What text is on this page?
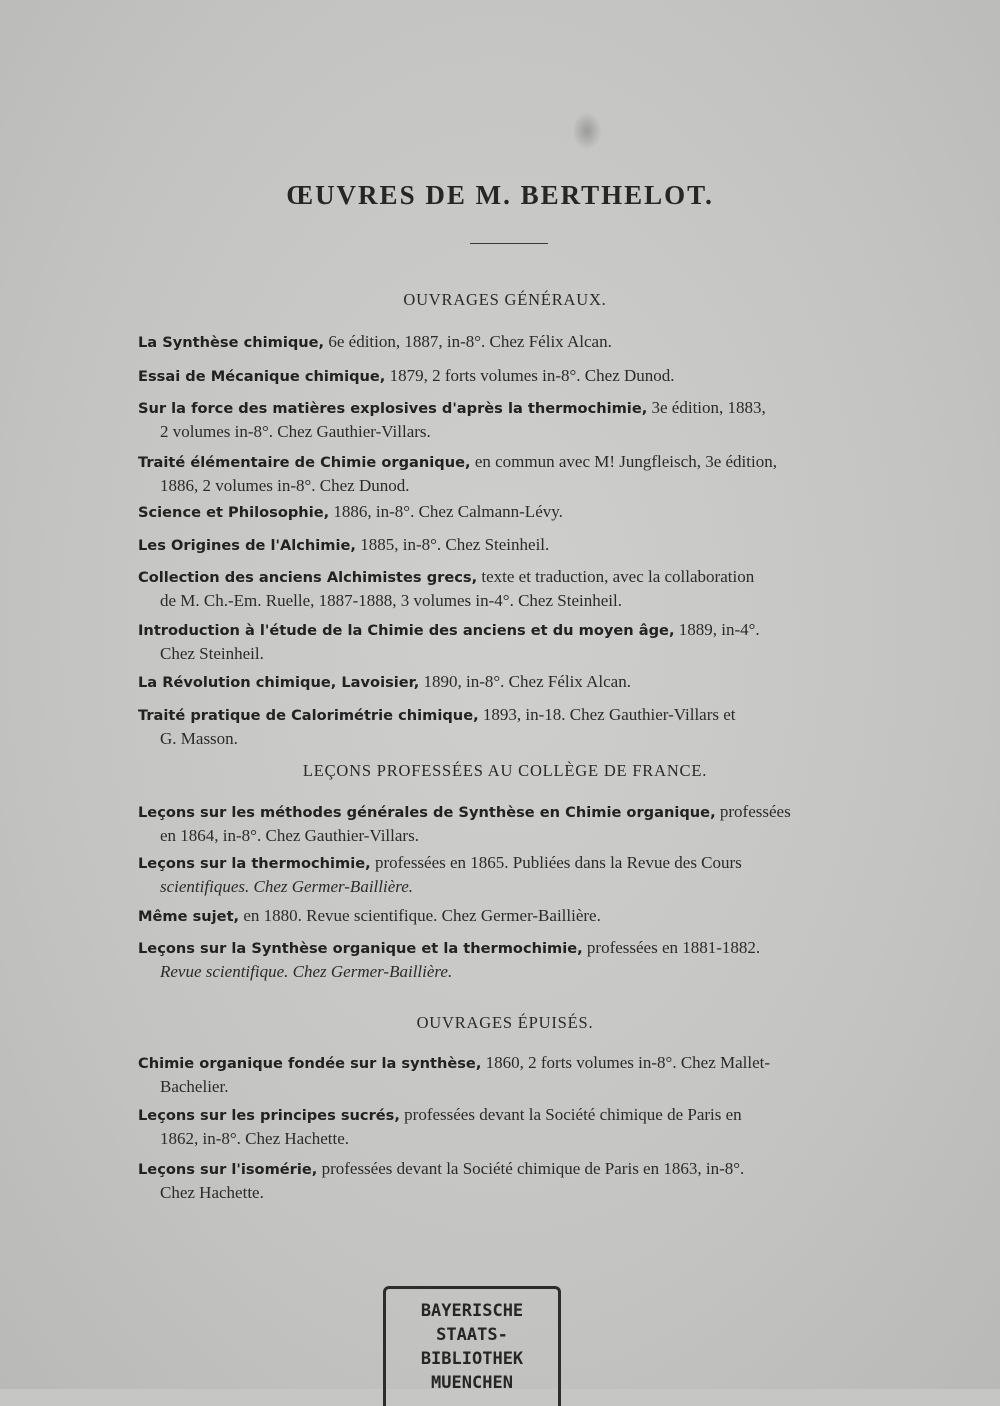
ŒUVRES DE M. BERTHELOT.
OUVRAGES GÉNÉRAUX.
La Synthèse chimique, 6e édition, 1887, in-8°. Chez Félix Alcan.
Essai de Mécanique chimique, 1879, 2 forts volumes in-8°. Chez Dunod.
Sur la force des matières explosives d'après la thermochimie, 3e édition, 1883,
2 volumes in-8°. Chez Gauthier-Villars.
Traité élémentaire de Chimie organique, en commun avec M! Jungfleisch, 3e édition,
1886, 2 volumes in-8°. Chez Dunod.
Science et Philosophie, 1886, in-8°. Chez Calmann-Lévy.
Les Origines de l'Alchimie, 1885, in-8°. Chez Steinheil.
Collection des anciens Alchimistes grecs, texte et traduction, avec la collaboration
de M. Ch.-Em. Ruelle, 1887-1888, 3 volumes in-4°. Chez Steinheil.
Introduction à l'étude de la Chimie des anciens et du moyen âge, 1889, in-4°.
Chez Steinheil.
La Révolution chimique, Lavoisier, 1890, in-8°. Chez Félix Alcan.
Traité pratique de Calorimétrie chimique, 1893, in-18. Chez Gauthier-Villars et
G. Masson.
LEÇONS PROFESSÉES AU COLLÈGE DE FRANCE.
Leçons sur les méthodes générales de Synthèse en Chimie organique, professées
en 1864, in-8°. Chez Gauthier-Villars.
Leçons sur la thermochimie, professées en 1865. Publiées dans la Revue des Cours
scientifiques. Chez Germer-Baillière.
Même sujet, en 1880. Revue scientifique. Chez Germer-Baillière.
Leçons sur la Synthèse organique et la thermochimie, professées en 1881-1882.
Revue scientifique. Chez Germer-Baillière.
OUVRAGES ÉPUISÉS.
Chimie organique fondée sur la synthèse, 1860, 2 forts volumes in-8°. Chez Mallet-
Bachelier.
Leçons sur les principes sucrés, professées devant la Société chimique de Paris en
1862, in-8°. Chez Hachette.
Leçons sur l'isomérie, professées devant la Société chimique de Paris en 1863, in-8°.
Chez Hachette.
BAYERISCHE
STAATS-
BIBLIOTHEK
MUENCHEN
